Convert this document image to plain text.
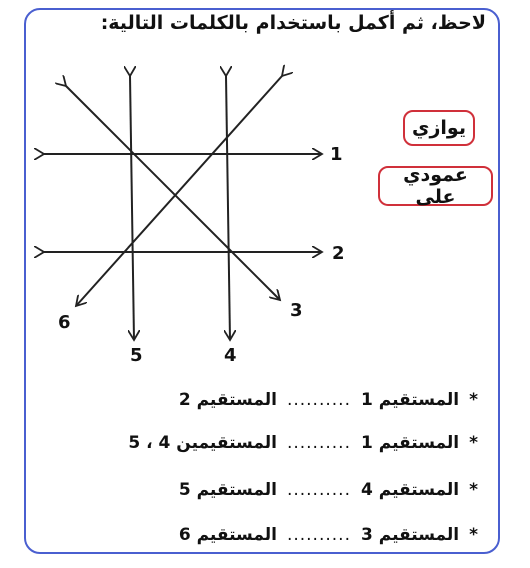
لاحظ، ثم أكمل باستخدام بالكلمات التالية:
1
2
3
4
5
6
يوازي
عمودي على
*
المستقيم 1
..........
المستقيم 2
*
المستقيم 1
..........
المستقيمين 4 ، 5
*
المستقيم 4
..........
المستقيم 5
*
المستقيم 3
..........
المستقيم 6
